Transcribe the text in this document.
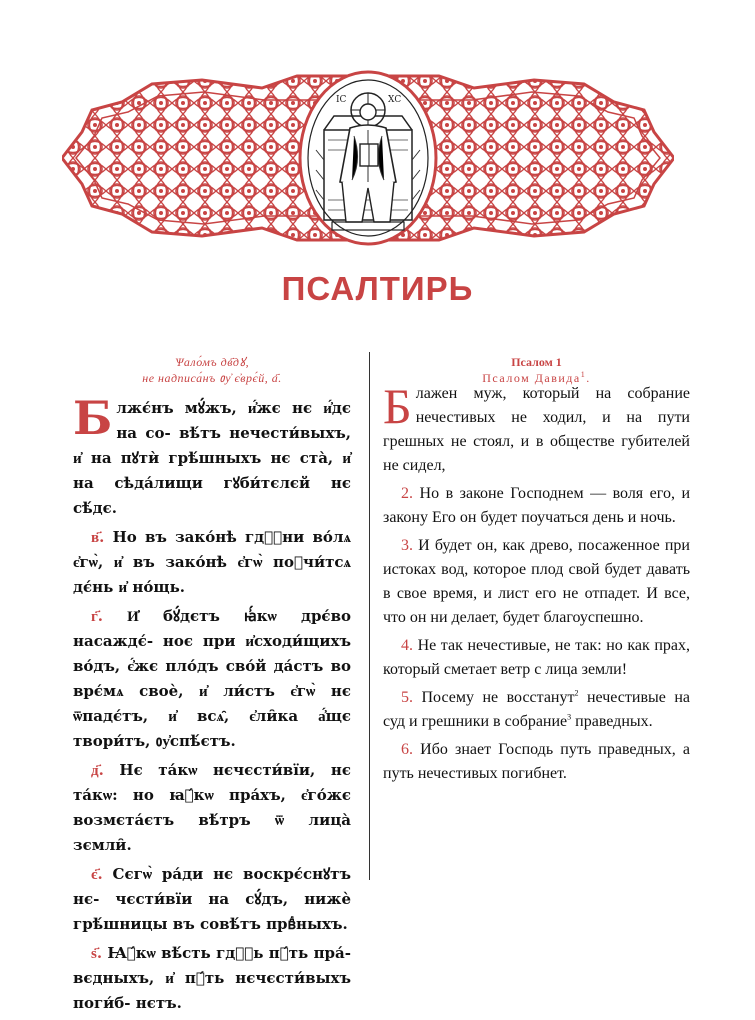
ІС	ХС
ПСАЛТИРЬ
Ѱало́мъ дв҃дꙋ,
не надписа́нъ ᲂу҆ є҆врє́й, а҃.

Блжє́нъ мꙋ́жъ, и҆́жє нє и҆́дє на со- вѣ́тъ нечести́выхъ, и҆ на пꙋтѝ грѣ́шныхъ нє ста̀, и҆ на сѣда́лищи гꙋби́тєлєй нє сѣ́дє.

в҃. Но въ зако́нѣ гдⷭ҇ни во́лѧ є҆гѡ̀, и҆ въ зако́нѣ є҆гѡ̀ поꙋчи́тсѧ дє́нь и҆ но́щь.

г҃. И҆ бꙋ́дєтъ ꙗ҆́кѡ дрє́во насаждє́- ноє при и҆сходи́щихъ во́дъ, є҆́жє пло́дъ сво́й да́стъ во врє́мѧ своѐ, и҆ ли́стъ є҆гѡ̀ нє ѿпадє́тъ, и҆ всѧ̑, є҆ли̑ка а҆́щє твори́тъ, ᲂу҆спѣ́єтъ.

д҃. Нє та́кѡ нєчєсти́вїи, нє та́кѡ: но ꙗ҆́кѡ пра́хъ, є҆го́жє возмєта́єтъ вѣ́тръ ѿ лица̀ зємли̑.

є҃. Сєгѡ̀ ра́ди нє воскрє́снꙋтъ нє- чєсти́вїи на сꙋ́дъ, нижѐ грѣ́шницы въ совѣ́тъ првⷣныхъ.

ѕ҃. Ꙗ҆́кѡ вѣ́сть гдⷭ҇ь пꙋ́ть пра́- вєдныхъ, и҆ пꙋ́ть нєчєсти́выхъ поги́б- нєтъ.

Псалом 1
Псалом Давида$^1$.

Блажен муж, который на собрание нечестивых не ходил, и на пути грешных не стоял, и в обществе губителей не сидел,

2. Но в законе Господнем — воля его, и закону Его он будет поучаться день и ночь.

3. И будет он, как древо, посаженное при истоках вод, которое плод свой будет давать в свое время, и лист его не отпадет. И все, что он ни делает, будет благоуспешно.

4. Не так нечестивые, не так: но как прах, который сметает ветр с лица земли!

5. Посему не восстанут$^2$ нечестивые на суд и грешники в собрание$^3$ праведных.

6. Ибо знает Господь путь праведных, а путь нечестивых погибнет.
